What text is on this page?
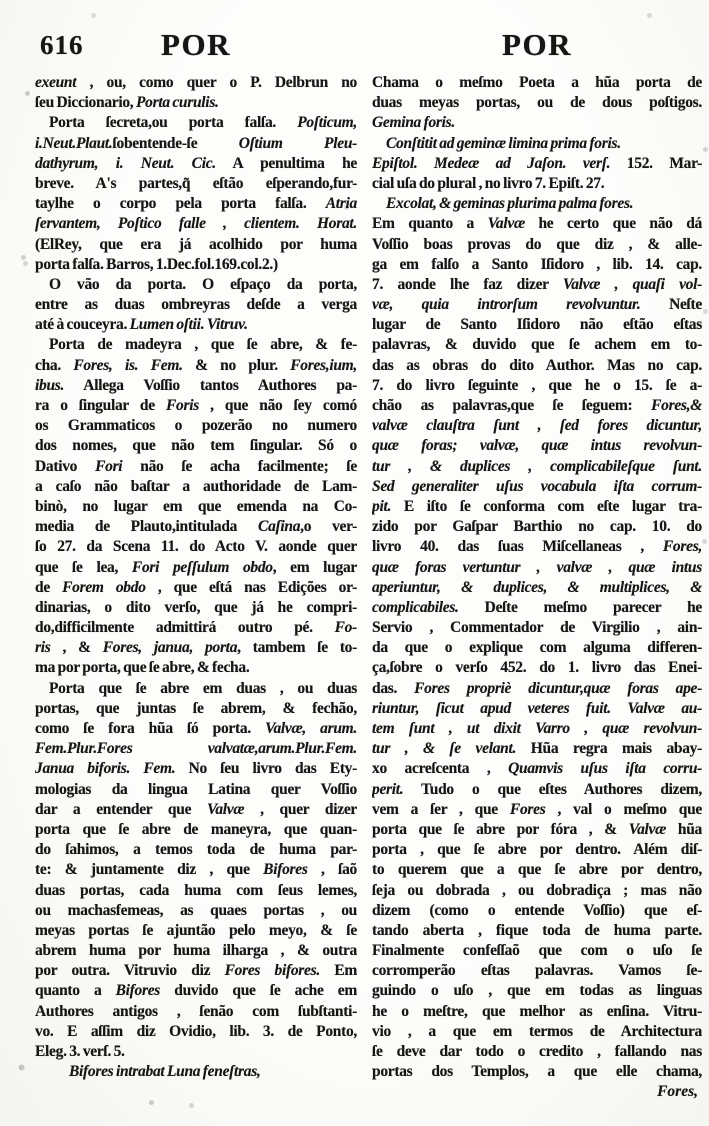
616	POR	POR
exeunt , ou, como quer o P. Delbrun no
ſeu Diccionario, Porta curulis.
Porta ſecreta,ou porta falſa. Poſticum,
i.Neut.Plaut.ſobentende-ſe Oſtium Pleu-
dathyrum, i. Neut. Cic. A penultima he
breve. A's partes,q̃ eſtão eſperando,fur-
taylhe o corpo pela porta falſa. Atria
ſervantem, Poſtico falle , clientem. Horat.
(ElRey, que era já acolhido por huma
porta falſa. Barros, 1.Dec.fol.169.col.2.)
O vão da porta. O eſpaço da porta,
entre as duas ombreyras deſde a verga
até à couceyra. Lumen oſtii. Vitruv.
Porta de madeyra , que ſe abre, & fe-
cha. Fores, is. Fem. & no plur. Fores,ium,
ibus. Allega Voſſio tantos Authores pa-
ra o ſingular de Foris , que não ſey comó
os Grammaticos o pozerão no numero
dos nomes, que não tem ſingular. Só o
Dativo Fori não ſe acha facilmente; ſe
a caſo não baſtar a authoridade de Lam-
binò, no lugar em que emenda na Co-
media de Plauto,intitulada Caſina,o ver-
ſo 27. da Scena 11. do Acto V. aonde quer
que ſe lea, Fori peſſulum obdo, em lugar
de Forem obdo , que eſtá nas Edições or-
dinarias, o dito verſo, que já he compri-
do,difficilmente admittirá outro pé. Fo-
ris , & Fores, janua, porta, tambem ſe to-
ma por porta, que ſe abre, & fecha.
Porta que ſe abre em duas , ou duas
portas, que juntas ſe abrem, & fechão,
como ſe fora hũa ſó porta. Valvæ, arum.
Fem.Plur.Fores valvatæ,arum.Plur.Fem.
Janua biforis. Fem. No ſeu livro das Ety-
mologias da lingua Latina quer Voſſio
dar a entender que Valvæ , quer dizer
porta que ſe abre de maneyra, que quan-
do ſahimos, a temos toda de huma par-
te: & juntamente diz , que Bifores , ſaõ
duas portas, cada huma com ſeus lemes,
ou machasfemeas, as quaes portas , ou
meyas portas ſe ajuntão pelo meyo, & ſe
abrem huma por huma ilharga , & outra
por outra. Vitruvio diz Fores bifores. Em
quanto a Bifores duvido que ſe ache em
Authores antigos , ſenão com ſubſtanti-
vo. E aſſim diz Ovidio, lib. 3. de Ponto,
Eleg. 3. verſ. 5.
Bifores intrabat Luna feneſtras,
Chama o meſmo Poeta a hũa porta de
duas meyas portas, ou de dous poſtigos.
Gemina foris.
Conſtitit ad geminæ limina prima foris.
Epiſtol. Medeæ ad Jaſon. verſ. 152. Mar-
cial uſa do plural , no livro 7. Epiſt. 27.
Excolat, & geminas plurima palma fores.
Em quanto a Valvæ he certo que não dá
Voſſio boas provas do que diz , & alle-
ga em falſo a Santo Iſidoro , lib. 14. cap.
7. aonde lhe faz dizer Valvæ , quaſi vol-
væ, quia introrſum revolvuntur. Neſte
lugar de Santo Iſidoro não eſtão eſtas
palavras, & duvido que ſe achem em to-
das as obras do dito Author. Mas no cap.
7. do livro ſeguinte , que he o 15. ſe a-
chão as palavras,que ſe ſeguem: Fores,&
valvæ clauſtra ſunt , ſed fores dicuntur,
quæ foras; valvæ, quæ intus revolvun-
tur , & duplices , complicabileſque ſunt.
Sed generaliter uſus vocabula iſta corrum-
pit. E iſto ſe conforma com eſte lugar tra-
zido por Gaſpar Barthio no cap. 10. do
livro 40. das ſuas Miſcellaneas , Fores,
quæ foras vertuntur , valvæ , quæ intus
aperiuntur, & duplices, & multiplices, &
complicabiles. Deſte meſmo parecer he
Servio , Commentador de Virgilio , ain-
da que o explique com alguma differen-
ça,ſobre o verſo 452. do 1. livro das Enei-
das. Fores propriè dicuntur,quæ foras ape-
riuntur, ſicut apud veteres fuit. Valvæ au-
tem ſunt , ut dixit Varro , quæ revolvun-
tur , & ſe velant. Hũa regra mais abay-
xo acreſcenta , Quamvis uſus iſta corru-
perit. Tudo o que eſtes Authores dizem,
vem a ſer , que Fores , val o meſmo que
porta que ſe abre por fóra , & Valvæ hũa
porta , que ſe abre por dentro. Além diſ-
to querem que a que ſe abre por dentro,
ſeja ou dobrada , ou dobradiça ; mas não
dizem (como o entende Voſſio) que eſ-
tando aberta , fique toda de huma parte.
Finalmente confeſſaõ que com o uſo ſe
corromperão eſtas palavras. Vamos ſe-
guindo o uſo , que em todas as linguas
he o meſtre, que melhor as enſina. Vitru-
vio , a que em termos de Architectura
ſe deve dar todo o credito , fallando nas
portas dos Templos, a que elle chama,
Fores,
